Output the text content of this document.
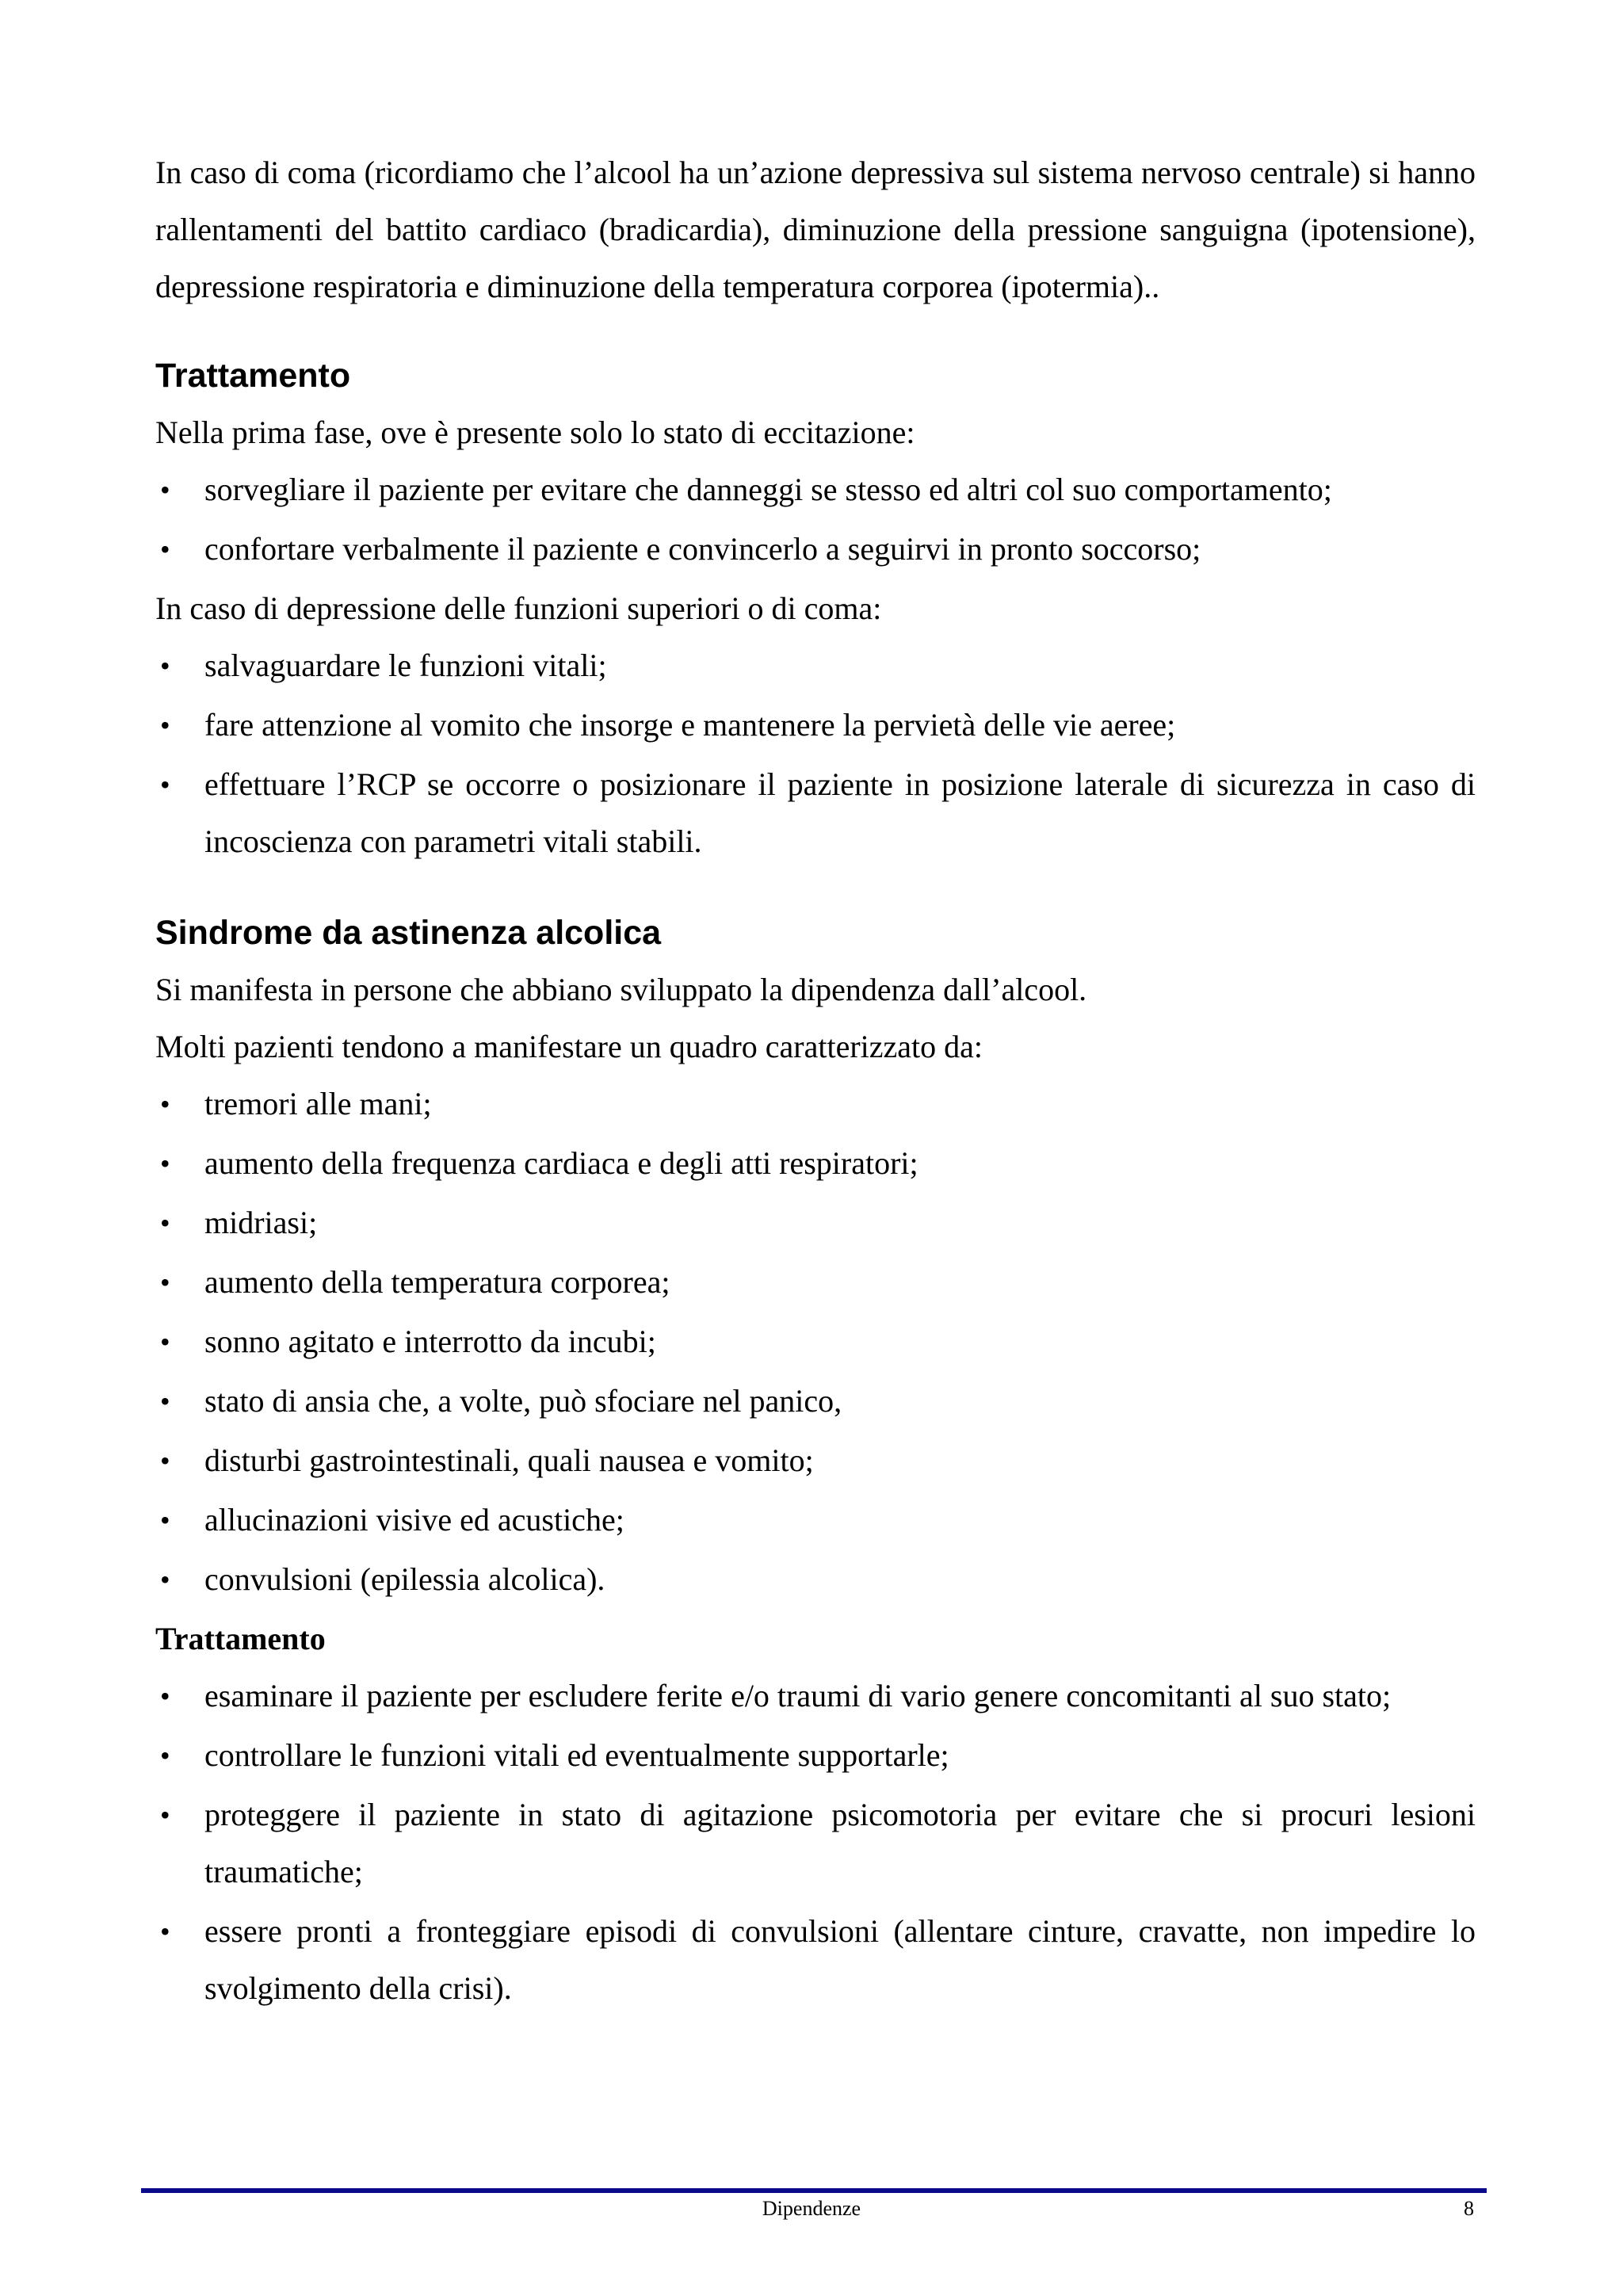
In caso di coma (ricordiamo che l’alcool ha un’azione depressiva sul sistema nervoso centrale) si hanno rallentamenti del battito cardiaco (bradicardia), diminuzione della pressione sanguigna (ipotensione), depressione respiratoria e diminuzione della temperatura corporea (ipotermia)..

Trattamento

Nella prima fase, ove è presente solo lo stato di eccitazione:

• sorvegliare il paziente per evitare che danneggi se stesso ed altri col suo comportamento;
• confortare verbalmente il paziente e convincerlo a seguirvi in pronto soccorso;

In caso di depressione delle funzioni superiori o di coma:

• salvaguardare le funzioni vitali;
• fare attenzione al vomito che insorge e mantenere la pervietà delle vie aeree;
• effettuare l’RCP se occorre o posizionare il paziente in posizione laterale di sicurezza in caso di incoscienza con parametri vitali stabili.
Sindrome da astinenza alcolica

Si manifesta in persone che abbiano sviluppato la dipendenza dall’alcool.

Molti pazienti tendono a manifestare un quadro caratterizzato da:

• tremori alle mani;
• aumento della frequenza cardiaca e degli atti respiratori;
• midriasi;
• aumento della temperatura corporea;
• sonno agitato e interrotto da incubi;
• stato di ansia che, a volte, può sfociare nel panico,
• disturbi gastrointestinali, quali nausea e vomito;
• allucinazioni visive ed acustiche;
• convulsioni (epilessia alcolica).
Trattamento
• esaminare il paziente per escludere ferite e/o traumi di vario genere concomitanti al suo stato;
• controllare le funzioni vitali ed eventualmente supportarle;
• proteggere il paziente in stato di agitazione psicomotoria per evitare che si procuri lesioni traumatiche;
• essere pronti a fronteggiare episodi di convulsioni (allentare cinture, cravatte, non impedire lo svolgimento della crisi).
Dipendenze	8
